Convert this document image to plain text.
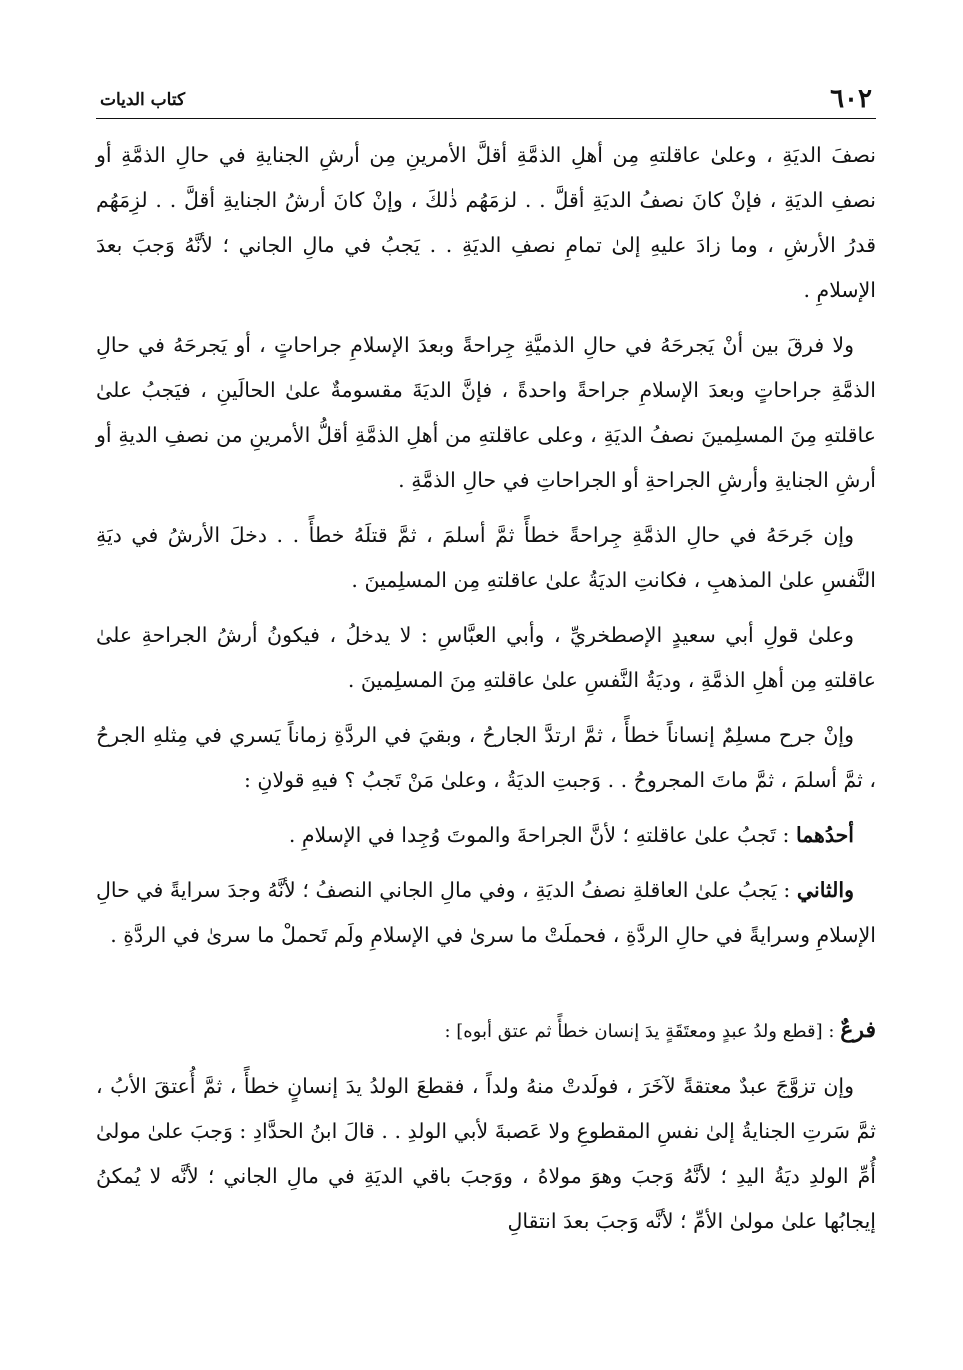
٦٠٢
كتاب الديات

نصفَ الديَةِ ، وعلىٰ عاقلتهِ مِن أهلِ الذمَّةِ أقلَّ الأمرينِ مِن أرشِ الجنايةِ في حالِ الذمَّةِ أو نصفِ الديَةِ ، فإنْ كانَ نصفُ الديَةِ أقلَّ . . لزمَهُم ذٰلكَ ، وإنْ كانَ أرشُ الجنايةِ أقلَّ . . لزِمَهُم قدرُ الأرشِ ، وما زادَ عليهِ إلىٰ تمامِ نصفِ الديَةِ . . يَجبُ في مالِ الجاني ؛ لأنَّهُ وَجبَ بعدَ الإسلامِ .

ولا فرقَ بين أنْ يَجرحَهُ في حالِ الذميَّةِ جِراحةً وبعدَ الإسلامِ جراحاتٍ ، أو يَجرحَهُ في حالِ الذمَّةِ جراحاتٍ وبعدَ الإسلامِ جراحةً واحدةً ، فإنَّ الديَةَ مقسومةٌ علىٰ الحالَينِ ، فيَجبُ علىٰ عاقلتهِ مِنَ المسلِمينَ نصفُ الديَةِ ، وعلى عاقلتهِ من أهلِ الذمَّةِ أقلُّ الأمرينِ من نصفِ الديةِ أو أرشِ الجنايةِ وأرشِ الجراحةِ أو الجراحاتِ في حالِ الذمَّةِ .

وإن جَرحَهُ في حالِ الذمَّةِ جِراحةً خطأً ثمَّ أسلمَ ، ثمَّ قتلَهُ خطأً . . دخلَ الأرشُ في ديَةِ النَّفسِ علىٰ المذهبِ ، فكانتِ الديَةُ علىٰ عاقلتهِ مِن المسلِمينَ .

وعلىٰ قولِ أبي سعيدٍ الإصطخريِّ ، وأبي العبَّاسِ : لا يدخلُ ، فيكونُ أرشُ الجراحةِ علىٰ عاقلتهِ مِن أهلِ الذمَّةِ ، وديَةُ النَّفسِ علىٰ عاقلتهِ مِنَ المسلِمينَ .

وإنْ جرح مسلِمٌ إنساناً خطأً ، ثمَّ ارتدَّ الجارحُ ، وبقيَ في الردَّةِ زماناً يَسري في مِثلهِ الجرحُ ، ثمَّ أسلمَ ، ثمَّ ماتَ المجروحُ . . وَجبتِ الديَةُ ، وعلىٰ مَنْ تَجبُ ؟ فيهِ قولانِ :

أحدُهما : تَجبُ علىٰ عاقلتهِ ؛ لأنَّ الجراحةَ والموتَ وُجِدا في الإسلامِ .

والثاني : يَجبُ علىٰ العاقلةِ نصفُ الديَةِ ، وفي مالِ الجاني النصفُ ؛ لأنَّهُ وجدَ سرايةً في حالِ الإسلامِ وسرايةً في حالِ الردَّةِ ، فحملَتْ ما سرىٰ في الإسلامِ ولَم تَحملْ ما سرىٰ في الردَّةِ .

فرعٌ : [قطع ولدُ عبدٍ ومعتَقَةٍ يدَ إنسان خطأً ثم عتق أبوه] :

وإن تزوَّجَ عبدٌ معتقةً لآخَرَ ، فولَدتْ منهُ ولداً ، فقطعَ الولدُ يدَ إنسانٍ خطأً ، ثمَّ أُعتقَ الأبُ ، ثمَّ سَرتِ الجنايةُ إلىٰ نفسِ المقطوعِ ولا عَصبةَ لأبي الولدِ . . قالَ ابنُ الحدَّادِ : وَجبَ علىٰ مولىٰ أُمِّ الولدِ ديَةُ اليدِ ؛ لأنَّهُ وَجبَ وهوَ مولاهُ ، ووَجبَ باقي الديَةِ في مالِ الجاني ؛ لأنَّه لا يُمكنُ إيجابُها علىٰ مولىٰ الأمِّ ؛ لأنَّه وَجبَ بعدَ انتقالِ
